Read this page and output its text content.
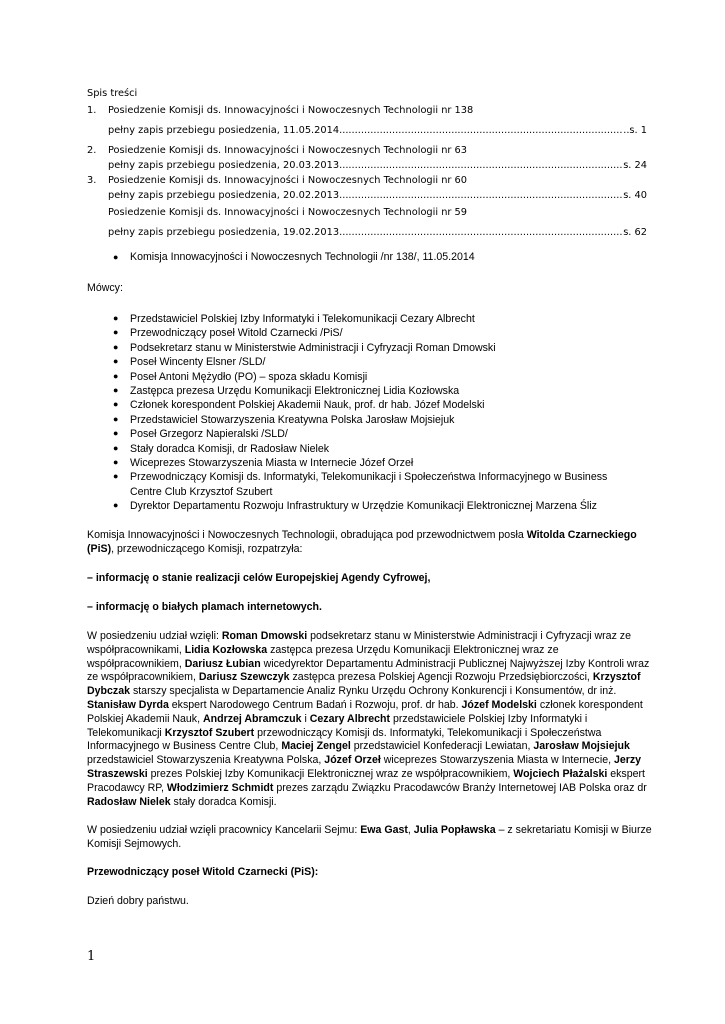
Spis treści
1.	Posiedzenie Komisji ds. Innowacyjności i Nowoczesnych Technologii nr 138
pełny zapis przebiegu posiedzenia, 11.05.2014 .....	..s. 1
2.	Posiedzenie Komisji ds. Innowacyjności i Nowoczesnych Technologii nr 63
pełny zapis przebiegu posiedzenia, 20.03.2013 .....	s. 24
3.	Posiedzenie Komisji ds. Innowacyjności i Nowoczesnych Technologii nr 60
pełny zapis przebiegu posiedzenia, 20.02.2013 .....	s. 40
Posiedzenie Komisji ds. Innowacyjności i Nowoczesnych Technologii nr 59
pełny zapis przebiegu posiedzenia, 19.02.2013 .....	s. 62
●	Komisja Innowacyjności i Nowoczesnych Technologii /nr 138/, 11.05.2014
Mówcy:
●	Przedstawiciel Polskiej Izby Informatyki i Telekomunikacji Cezary Albrecht
●	Przewodniczący poseł Witold Czarnecki /PiS/
●	Podsekretarz stanu w Ministerstwie Administracji i Cyfryzacji Roman Dmowski
●	Poseł Wincenty Elsner /SLD/
●	Poseł Antoni Mężydło (PO) – spoza składu Komisji
●	Zastępca prezesa Urzędu Komunikacji Elektronicznej Lidia Kozłowska
●	Członek korespondent Polskiej Akademii Nauk, prof. dr hab. Józef Modelski
●	Przedstawiciel Stowarzyszenia Kreatywna Polska Jarosław Mojsiejuk
●	Poseł Grzegorz Napieralski /SLD/
●	Stały doradca Komisji, dr Radosław Nielek
●	Wiceprezes Stowarzyszenia Miasta w Internecie Józef Orzeł
●	Przewodniczący Komisji ds. Informatyki, Telekomunikacji i Społeczeństwa Informacyjnego w Business Centre Club Krzysztof Szubert
●	Dyrektor Departamentu Rozwoju Infrastruktury w Urzędzie Komunikacji Elektronicznej Marzena Śliz
Komisja Innowacyjności i Nowoczesnych Technologii, obradująca pod przewodnictwem posła Witolda Czarneckiego (PiS), przewodniczącego Komisji, rozpatrzyła:
– informację o stanie realizacji celów Europejskiej Agendy Cyfrowej,
– informację o białych plamach internetowych.
W posiedzeniu udział wzięli: Roman Dmowski podsekretarz stanu w Ministerstwie Administracji i Cyfryzacji wraz ze współpracownikami, Lidia Kozłowska zastępca prezesa Urzędu Komunikacji Elektronicznej wraz ze współpracownikiem, Dariusz Łubian wicedyrektor Departamentu Administracji Publicznej Najwyższej Izby Kontroli wraz ze współpracownikiem, Dariusz Szewczyk zastępca prezesa Polskiej Agencji Rozwoju Przedsiębiorczości, Krzysztof Dybczak starszy specjalista w Departamencie Analiz Rynku Urzędu Ochrony Konkurencji i Konsumentów, dr inż. Stanisław Dyrda ekspert Narodowego Centrum Badań i Rozwoju, prof. dr hab. Józef Modelski członek korespondent Polskiej Akademii Nauk, Andrzej Abramczuk i Cezary Albrecht przedstawiciele Polskiej Izby Informatyki i Telekomunikacji Krzysztof Szubert przewodniczący Komisji ds. Informatyki, Telekomunikacji i Społeczeństwa Informacyjnego w Business Centre Club, Maciej Zengel przedstawiciel Konfederacji Lewiatan, Jarosław Mojsiejuk przedstawiciel Stowarzyszenia Kreatywna Polska, Józef Orzeł wiceprezes Stowarzyszenia Miasta w Internecie, Jerzy Straszewski prezes Polskiej Izby Komunikacji Elektronicznej wraz ze współpracownikiem, Wojciech Płażalski ekspert Pracodawcy RP, Włodzimierz Schmidt prezes zarządu Związku Pracodawców Branży Internetowej IAB Polska oraz dr Radosław Nielek stały doradca Komisji.
W posiedzeniu udział wzięli pracownicy Kancelarii Sejmu: Ewa Gast, Julia Popławska – z sekretariatu Komisji w Biurze Komisji Sejmowych.
Przewodniczący poseł Witold Czarnecki (PiS):
Dzień dobry państwu.
1
